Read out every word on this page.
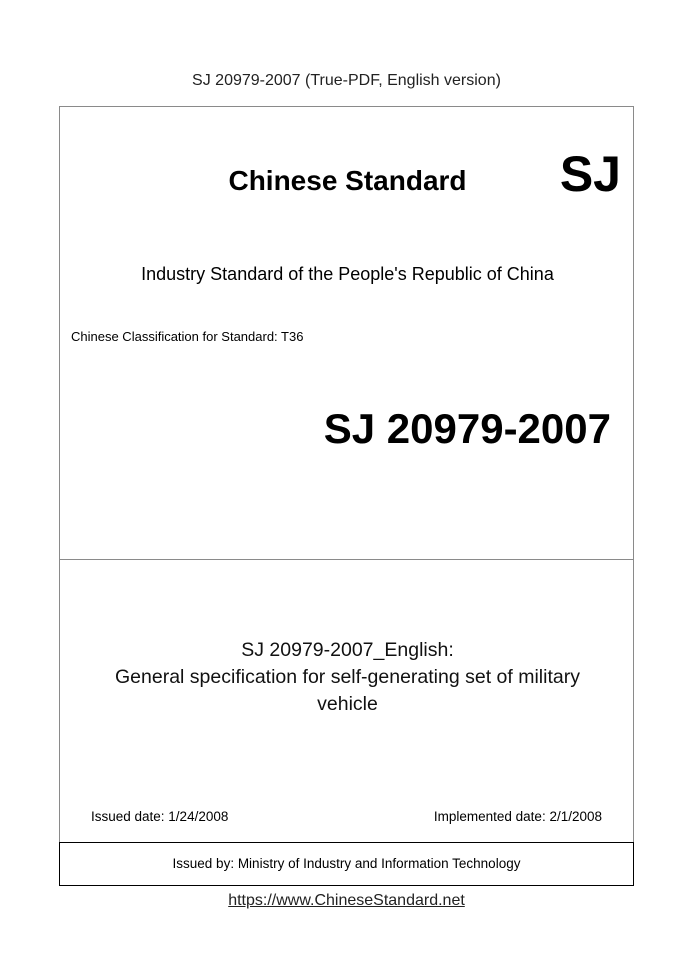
SJ 20979-2007 (True-PDF, English version)
Chinese Standard	SJ
Industry Standard of the People's Republic of China
Chinese Classification for Standard: T36
SJ 20979-2007
SJ 20979-2007_English:
General specification for self-generating set of military
vehicle
Issued date: 1/24/2008	Implemented date: 2/1/2008
Issued by: Ministry of Industry and Information Technology
https://www.ChineseStandard.net
